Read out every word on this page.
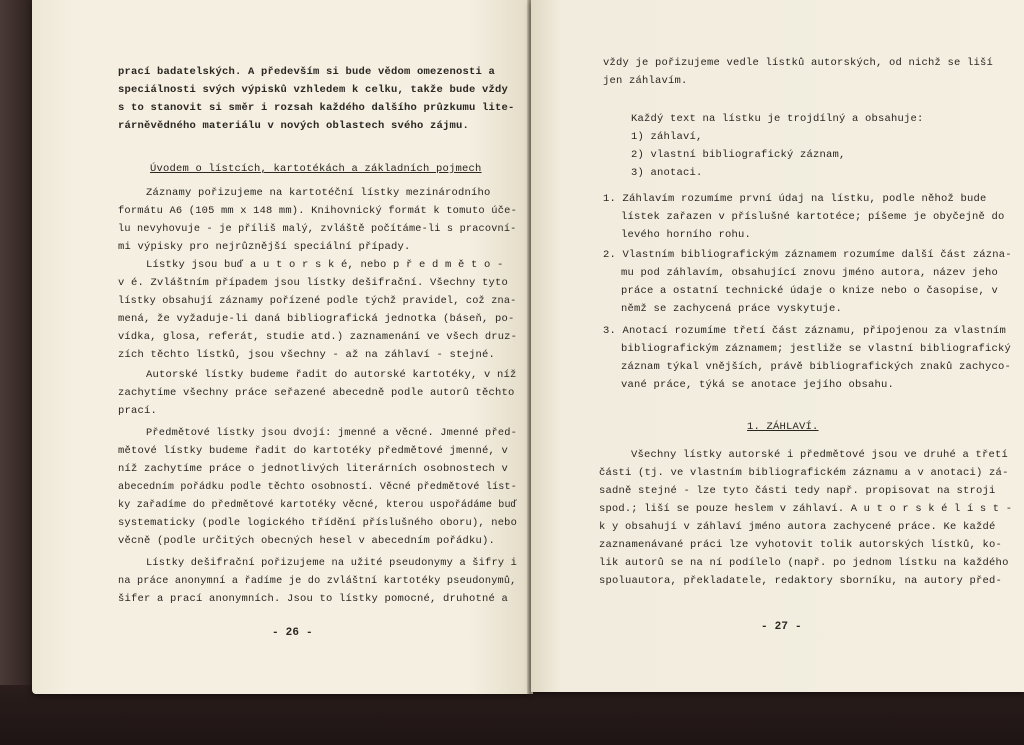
prací badatelských. A především si bude vědom omezenosti a
speciálnosti svých výpisků vzhledem k celku, takže bude vždy
s to stanovit si směr i rozsah každého dalšího průzkumu lite-
rárněvědného materiálu v nových oblastech svého zájmu.
Úvodem o lístcích, kartotékách a základních pojmech
Záznamy pořizujeme na kartotéční lístky mezinárodního
formátu A6 (105 mm x 148 mm). Knihovnický formát k tomuto úče-
lu nevyhovuje - je příliš malý, zvláště počítáme-li s pracovní-
mi výpisky pro nejrůznější speciální případy.
Lístky jsou buď a u t o r s k é, nebo p ř e d m ě t o -
v é. Zvláštním případem jsou lístky dešifrační. Všechny tyto
lístky obsahují záznamy pořízené podle týchž pravidel, což zna-
mená, že vyžaduje-li daná bibliografická jednotka (báseň, po-
vídka, glosa, referát, studie atd.) zaznamenání ve všech druz-
zích těchto lístků, jsou všechny - až na záhlaví - stejné.
Autorské lístky budeme řadit do autorské kartotéky, v níž
zachytíme všechny práce seřazené abecedně podle autorů těchto
prací.
Předmětové lístky jsou dvojí: jmenné a věcné. Jmenné před-
mětové lístky budeme řadit do kartotéky předmětové jmenné, v
níž zachytíme práce o jednotlivých literárních osobnostech v
abecedním pořádku podle těchto osobností. Věcné předmětové líst-
ky zařadíme do předmětové kartotéky věcné, kterou uspořádáme buď
systematicky (podle logického třídění příslušného oboru), nebo
věcně (podle určitých obecných hesel v abecedním pořádku).
Lístky dešifrační pořizujeme na užité pseudonymy a šifry i
na práce anonymní a řadíme je do zvláštní kartotéky pseudonymů,
šifer a prací anonymních. Jsou to lístky pomocné, druhotné a
- 26 -
vždy je pořizujeme vedle lístků autorských, od nichž se liší
jen záhlavím.
Každý text na lístku je trojdílný a obsahuje:
1) záhlaví,
2) vlastní bibliografický záznam,
3) anotaci.
1. Záhlavím rozumíme první údaj na lístku, podle něhož bude
lístek zařazen v příslušné kartotéce; píšeme je obyčejně do
levého horního rohu.
2. Vlastním bibliografickým záznamem rozumíme další část zázna-
mu pod záhlavím, obsahující znovu jméno autora, název jeho
práce a ostatní technické údaje o knize nebo o časopise, v
němž se zachycená práce vyskytuje.
3. Anotací rozumíme třetí část záznamu, připojenou za vlastním
bibliografickým záznamem; jestliže se vlastní bibliografický
záznam týkal vnějších, právě bibliografických znaků zachyco-
vané práce, týká se anotace jejího obsahu.
1. ZÁHLAVÍ.
Všechny lístky autorské i předmětové jsou ve druhé a třetí
části (tj. ve vlastním bibliografickém záznamu a v anotaci) zá-
sadně stejné - lze tyto části tedy např. propisovat na stroji
spod.; liší se pouze heslem v záhlaví. A u t o r s k é l í s t -
k y obsahují v záhlaví jméno autora zachycené práce. Ke každé
zaznamenávané práci lze vyhotovit tolik autorských lístků, ko-
lik autorů se na ní podílelo (např. po jednom lístku na každého
spoluautora, překladatele, redaktory sborníku, na autory před-
- 27 -
